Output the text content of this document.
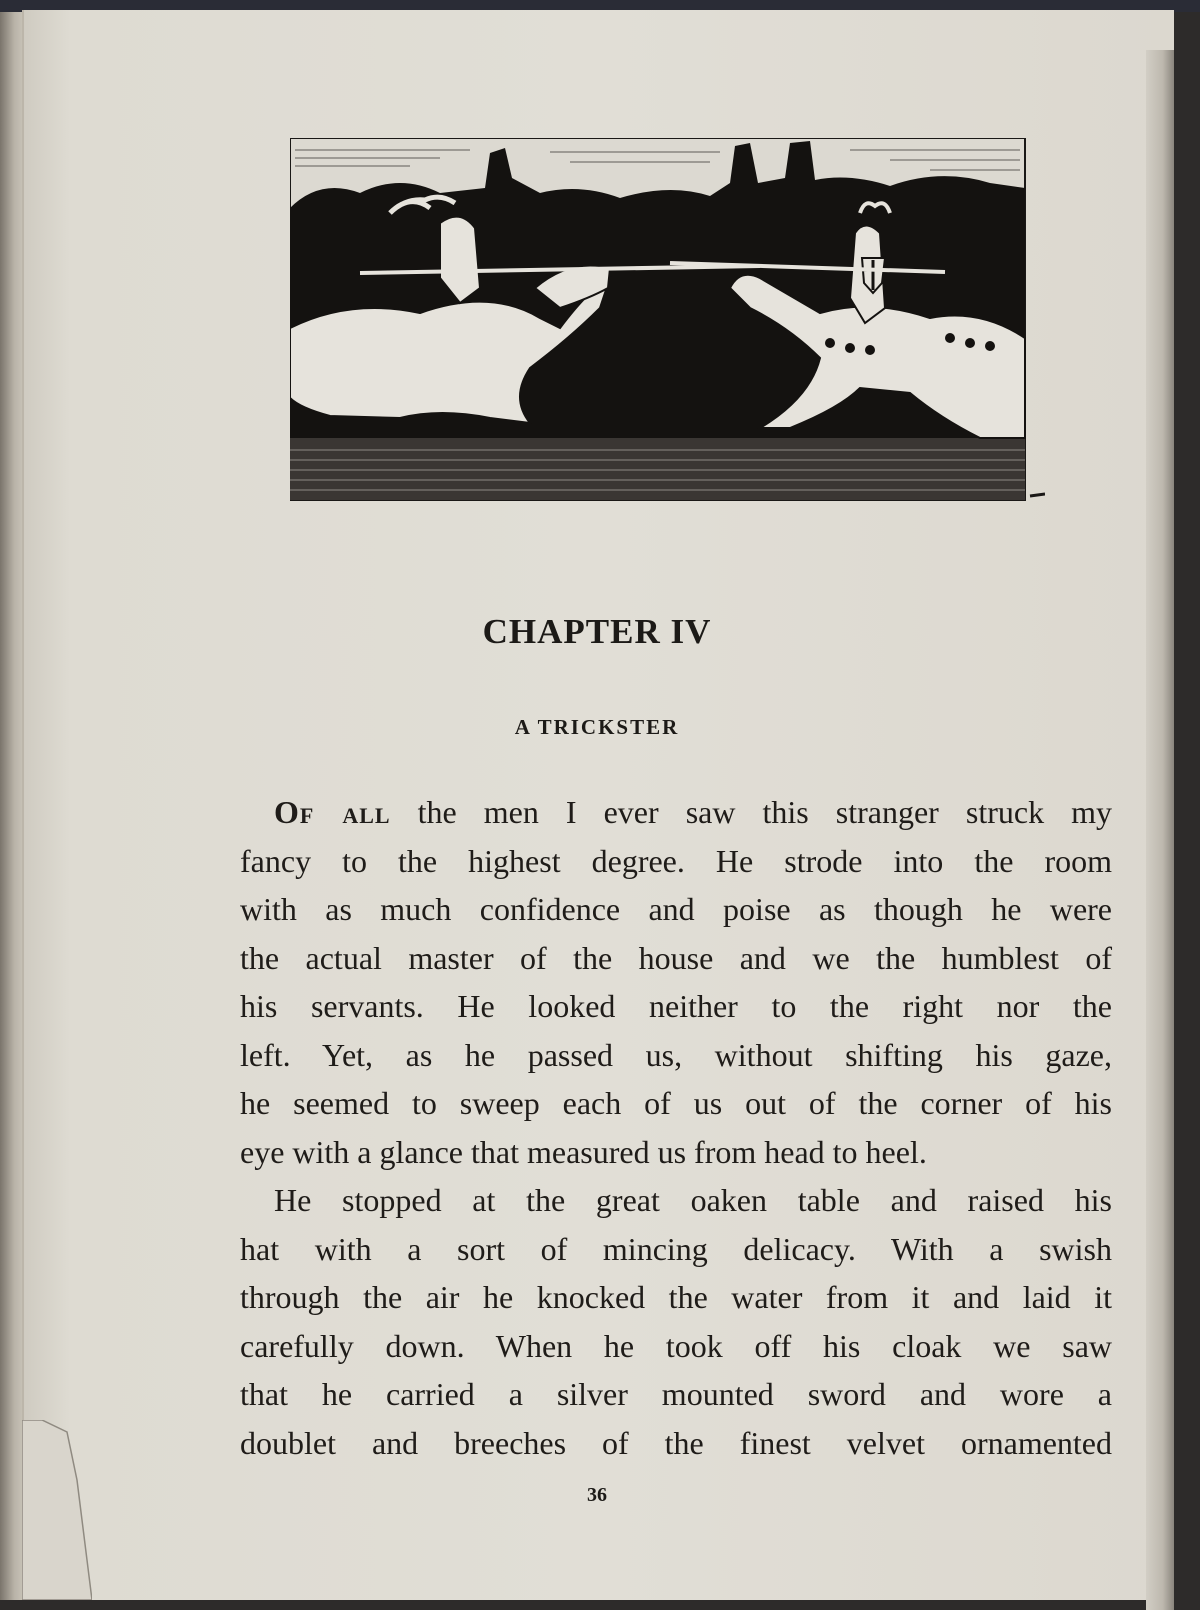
CHAPTER IV
A TRICKSTER
Of all the men I ever saw this stranger struck my
fancy to the highest degree. He strode into the room
with as much confidence and poise as though he were
the actual master of the house and we the humblest of
his servants. He looked neither to the right nor the
left. Yet, as he passed us, without shifting his gaze,
he seemed to sweep each of us out of the corner of his
eye with a glance that measured us from head to heel.
He stopped at the great oaken table and raised his
hat with a sort of mincing delicacy. With a swish
through the air he knocked the water from it and laid it
carefully down. When he took off his cloak we saw
that he carried a silver mounted sword and wore a
doublet and breeches of the finest velvet ornamented
36
